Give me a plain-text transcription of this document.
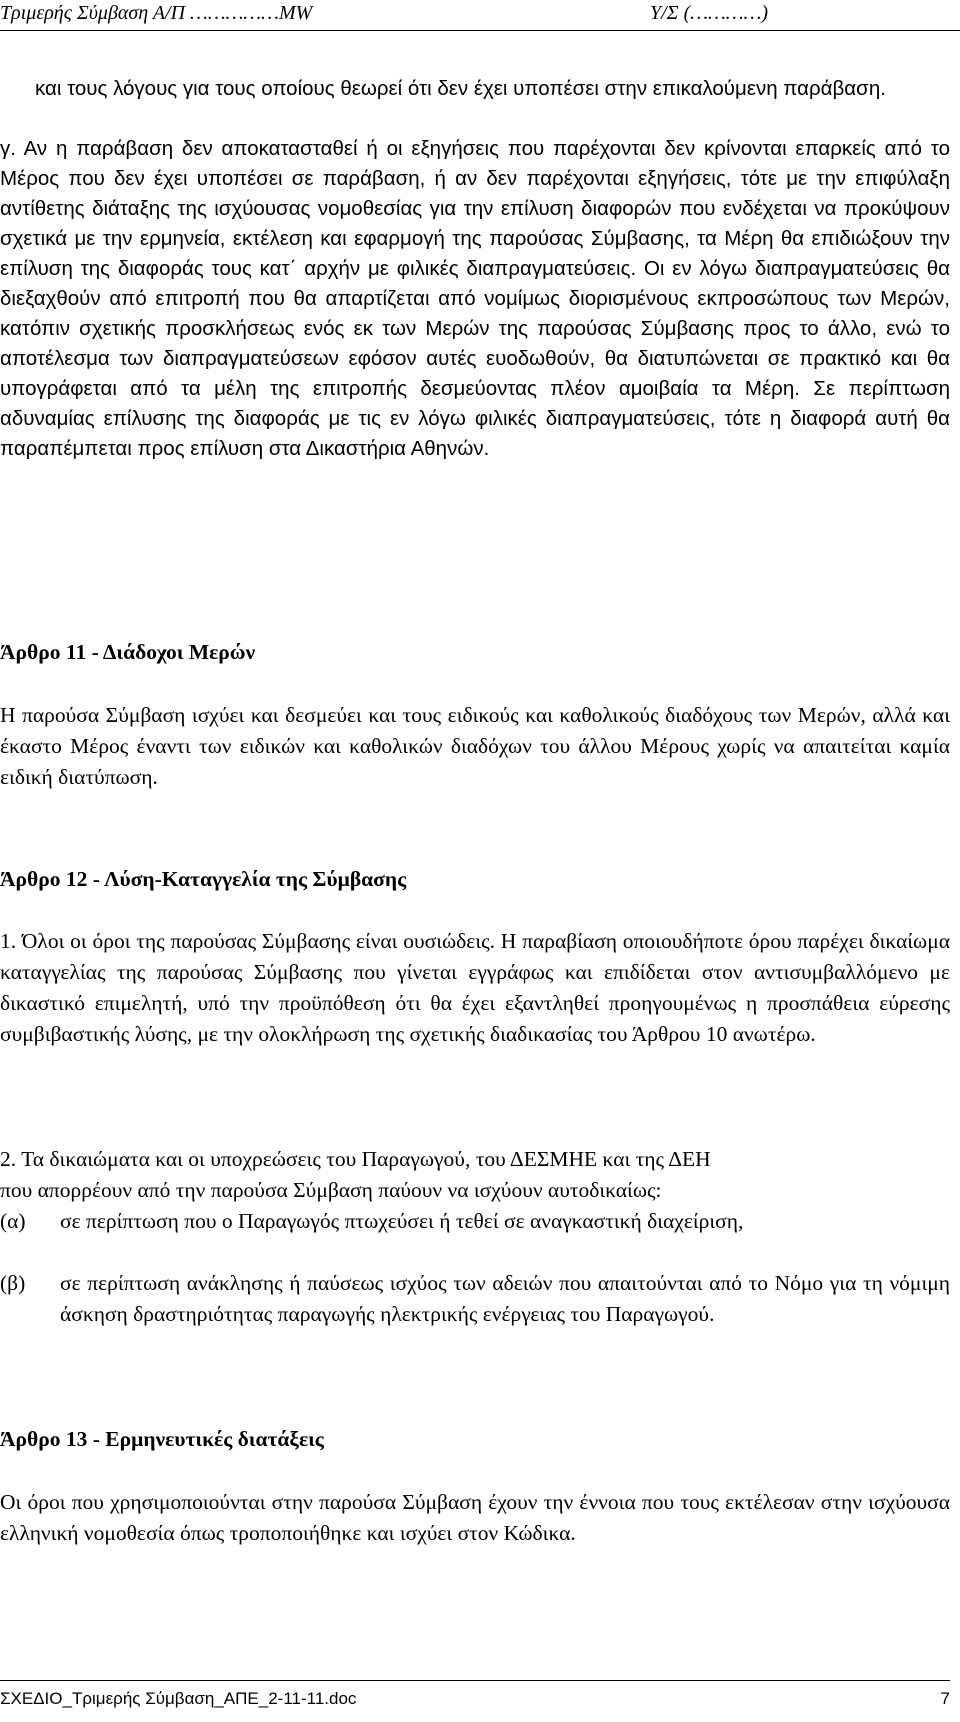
Τριμερής Σύμβαση Α/Π ……………MW	Υ/Σ (…………)
και τους λόγους για τους οποίους θεωρεί ότι δεν έχει υποπέσει στην επικαλούμενη παράβαση.
γ. Αν η παράβαση δεν αποκατασταθεί ή οι εξηγήσεις που παρέχονται δεν κρίνονται επαρκείς από το Μέρος που δεν έχει υποπέσει σε παράβαση, ή αν δεν παρέχονται εξηγήσεις, τότε με την επιφύλαξη αντίθετης διάταξης της ισχύουσας νομοθεσίας για την επίλυση διαφορών που ενδέχεται να προκύψουν σχετικά με την ερμηνεία, εκτέλεση και εφαρμογή της παρούσας Σύμβασης, τα Μέρη θα επιδιώξουν την επίλυση της διαφοράς τους κατ΄ αρχήν με φιλικές διαπραγματεύσεις. Οι εν λόγω διαπραγματεύσεις θα διεξαχθούν από επιτροπή που θα απαρτίζεται από νομίμως διορισμένους εκπροσώπους των Μερών, κατόπιν σχετικής προσκλήσεως ενός εκ των Μερών της παρούσας Σύμβασης προς το άλλο, ενώ το αποτέλεσμα των διαπραγματεύσεων εφόσον αυτές ευοδωθούν, θα διατυπώνεται σε πρακτικό και θα υπογράφεται από τα μέλη της επιτροπής δεσμεύοντας πλέον αμοιβαία τα Μέρη. Σε περίπτωση αδυναμίας επίλυσης της διαφοράς με τις εν λόγω φιλικές διαπραγματεύσεις, τότε η διαφορά αυτή θα παραπέμπεται προς επίλυση στα Δικαστήρια Αθηνών.
Άρθρο 11 - Διάδοχοι Μερών
Η παρούσα Σύμβαση ισχύει και δεσμεύει και τους ειδικούς και καθολικούς διαδόχους των Μερών, αλλά και έκαστο Μέρος έναντι των ειδικών και καθολικών διαδόχων του άλλου Μέρους χωρίς να απαιτείται καμία ειδική διατύπωση.
Άρθρο 12 - Λύση-Καταγγελία της Σύμβασης
1. Όλοι οι όροι της παρούσας Σύμβασης είναι ουσιώδεις. Η παραβίαση οποιουδήποτε όρου παρέχει δικαίωμα καταγγελίας της παρούσας Σύμβασης που γίνεται εγγράφως και επιδίδεται στον αντισυμβαλλόμενο με δικαστικό επιμελητή, υπό την προϋπόθεση ότι θα έχει εξαντληθεί προηγουμένως η προσπάθεια εύρεσης συμβιβαστικής λύσης, με την ολοκλήρωση της σχετικής διαδικασίας του Άρθρου 10 ανωτέρω.
2. Τα δικαιώματα και οι υποχρεώσεις του Παραγωγού, του ΔΕΣΜΗΕ και της ΔΕΗ
που απορρέουν από την παρούσα Σύμβαση παύουν να ισχύουν αυτοδικαίως:
(α) σε περίπτωση που ο Παραγωγός πτωχεύσει ή τεθεί σε αναγκαστική διαχείριση,
(β) σε περίπτωση ανάκλησης ή παύσεως ισχύος των αδειών που απαιτούνται από το Νόμο για τη νόμιμη άσκηση δραστηριότητας παραγωγής ηλεκτρικής ενέργειας του Παραγωγού.
Άρθρο 13 - Ερμηνευτικές διατάξεις
Οι όροι που χρησιμοποιούνται στην παρούσα Σύμβαση έχουν την έννοια που τους εκτέλεσαν στην ισχύουσα ελληνική νομοθεσία όπως τροποποιήθηκε και ισχύει στον Κώδικα.
ΣΧΕΔΙΟ_Τριμερής Σύμβαση_ΑΠΕ_2-11-11.doc	7
